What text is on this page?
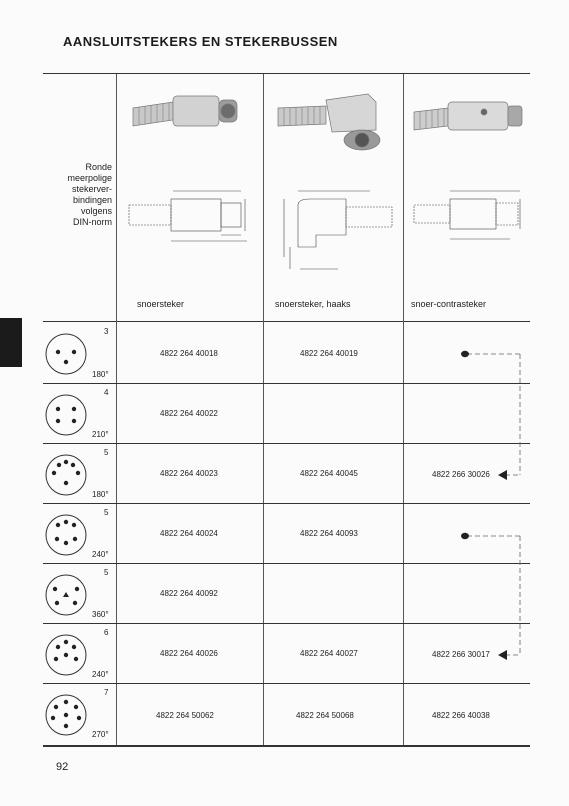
AANSLUITSTEKERS EN STEKERBUSSEN
Ronde
meerpolige
stekerver-
bindingen
volgens
DIN-norm
snoersteker	snoersteker, haaks	snoer-contrasteker
3
180°
4822 264 40018	4822 264 40019
4
210°
4822 264 40022
5
180°
4822 264 40023	4822 264 40045	4822 266 30026
5
240°
4822 264 40024	4822 264 40093
5
360°
4822 264 40092
6
240°
4822 264 40026	4822 264 40027	4822 266 30017
7
270°
4822 264 50062	4822 264 50068	4822 266 40038
92
